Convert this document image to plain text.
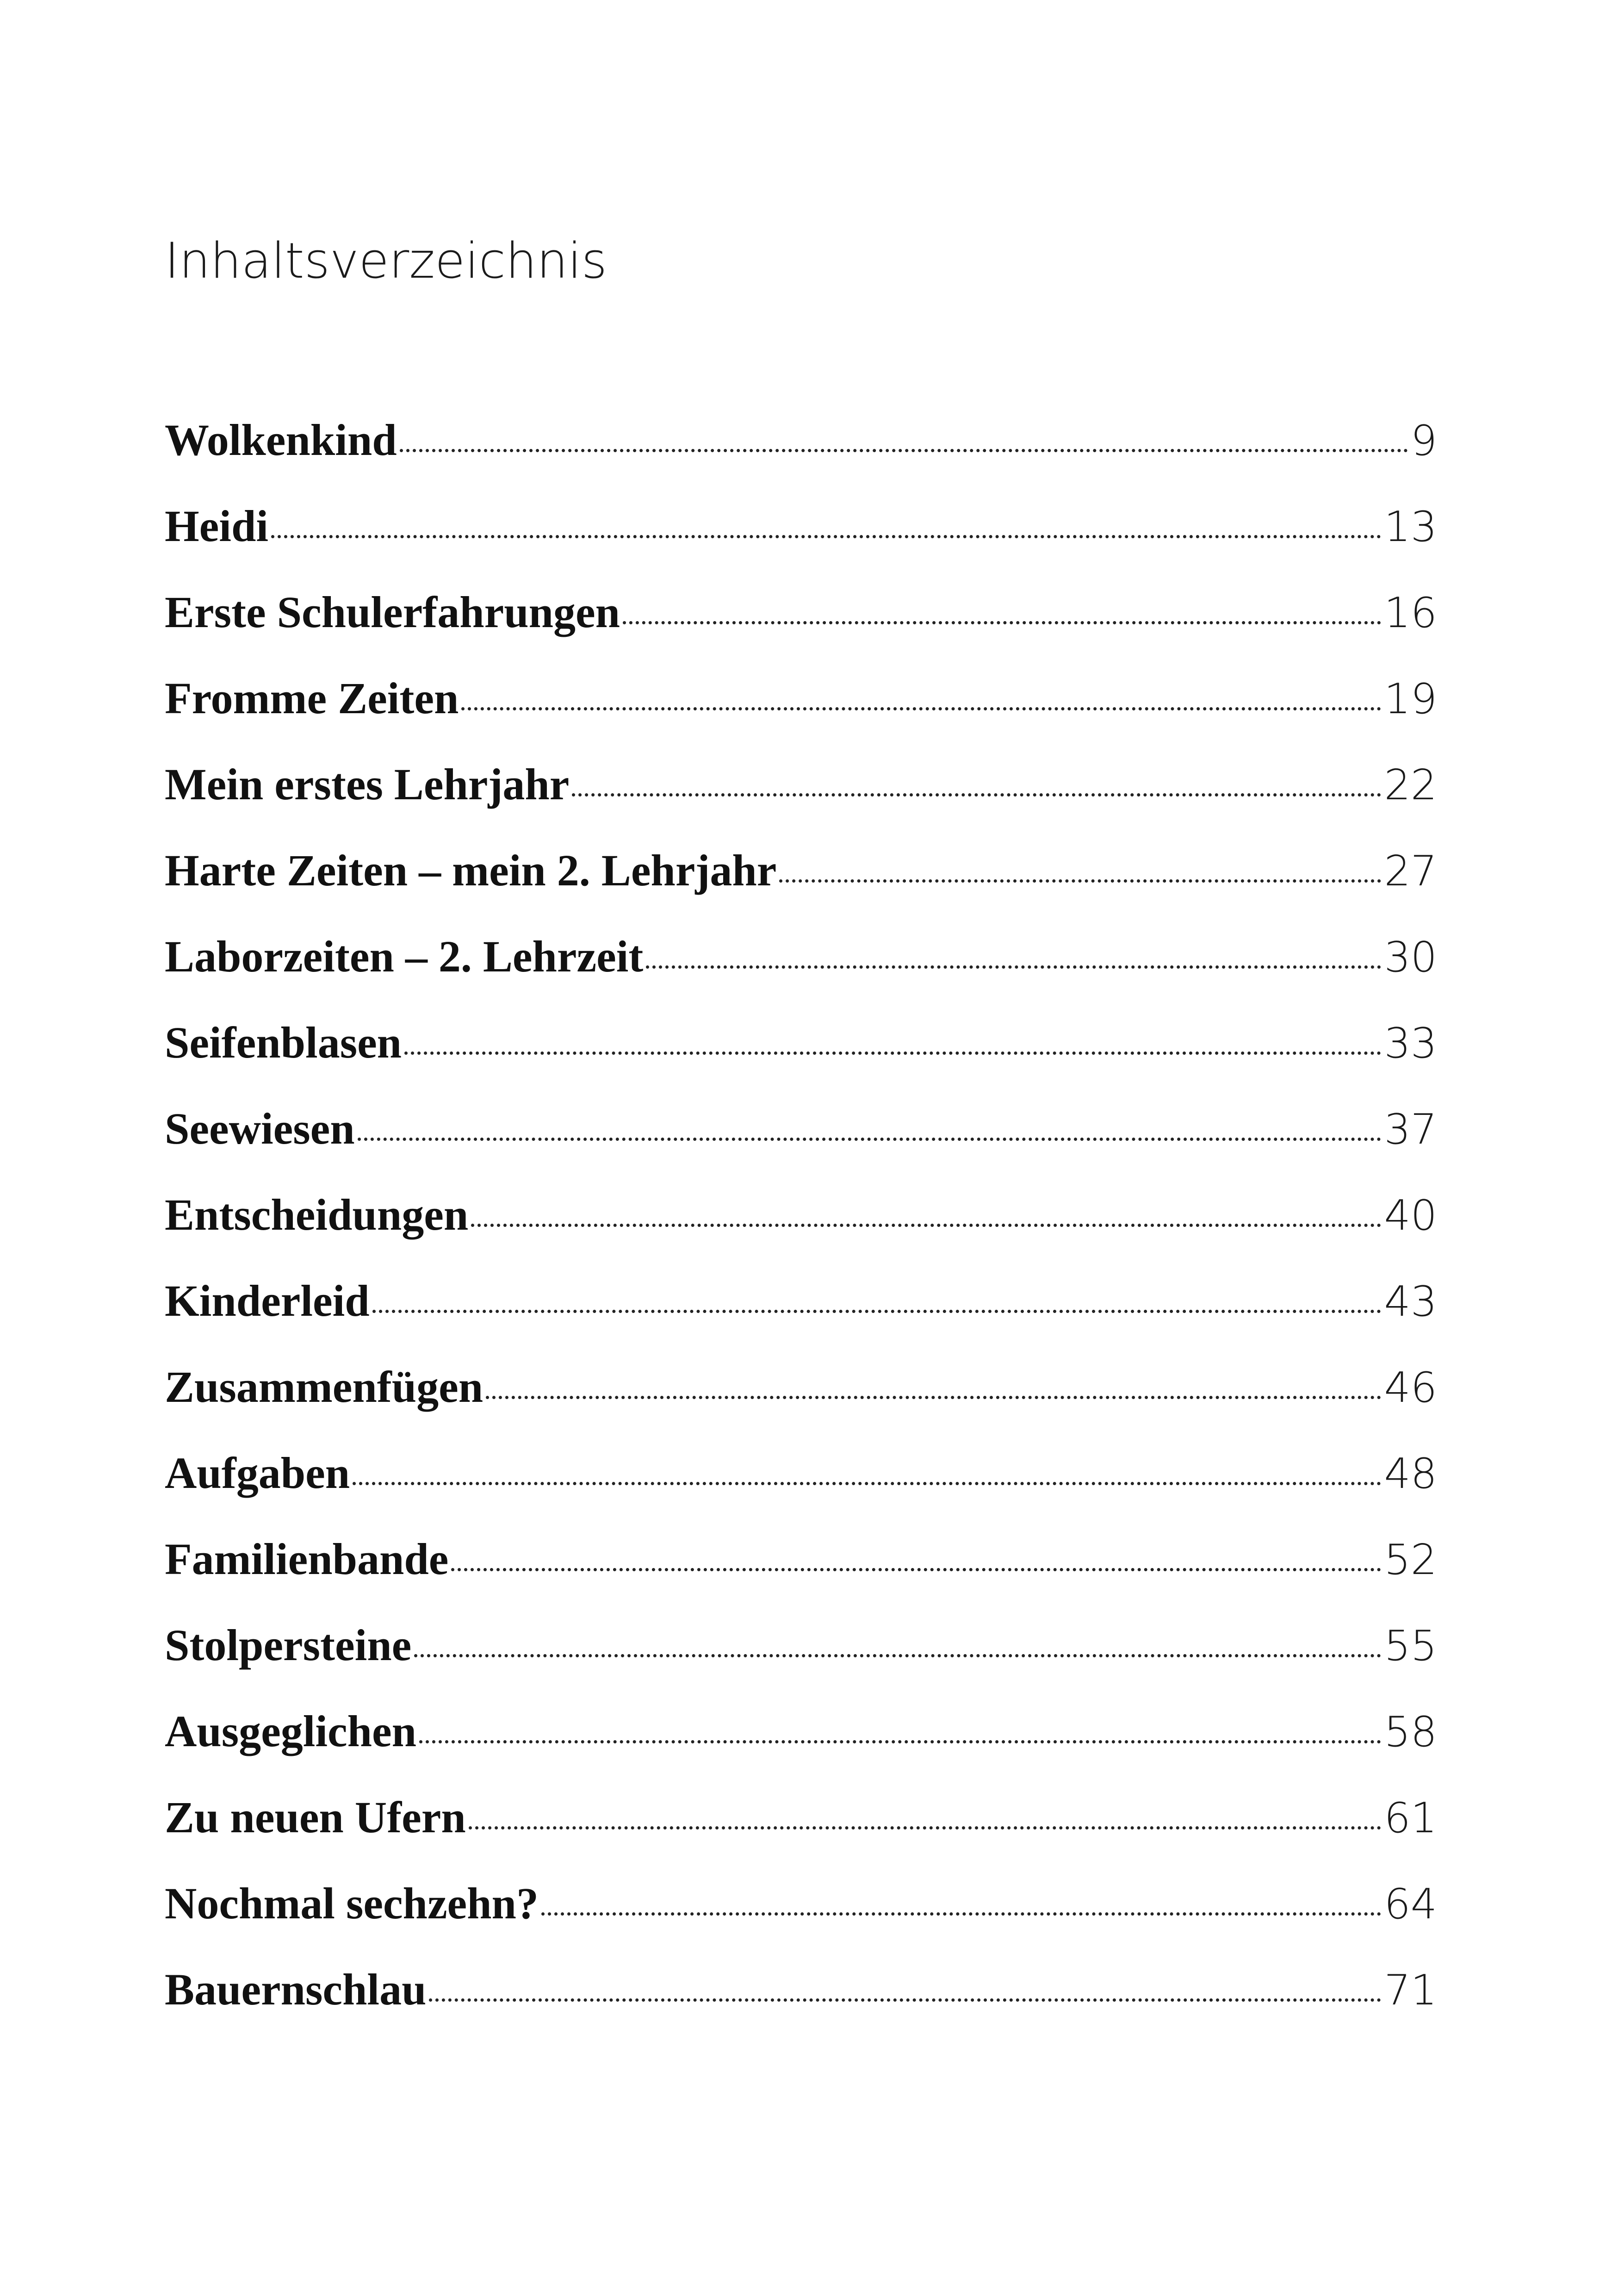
Inhaltsverzeichnis
Wolkenkind	9
Heidi	13
Erste Schulerfahrungen	16
Fromme Zeiten	19
Mein erstes Lehrjahr	22
Harte Zeiten – mein 2. Lehrjahr	27
Laborzeiten – 2. Lehrzeit	30
Seifenblasen	33
Seewiesen	37
Entscheidungen	40
Kinderleid	43
Zusammenfügen	46
Aufgaben	48
Familienbande	52
Stolpersteine	55
Ausgeglichen	58
Zu neuen Ufern	61
Nochmal sechzehn?	64
Bauernschlau	71
